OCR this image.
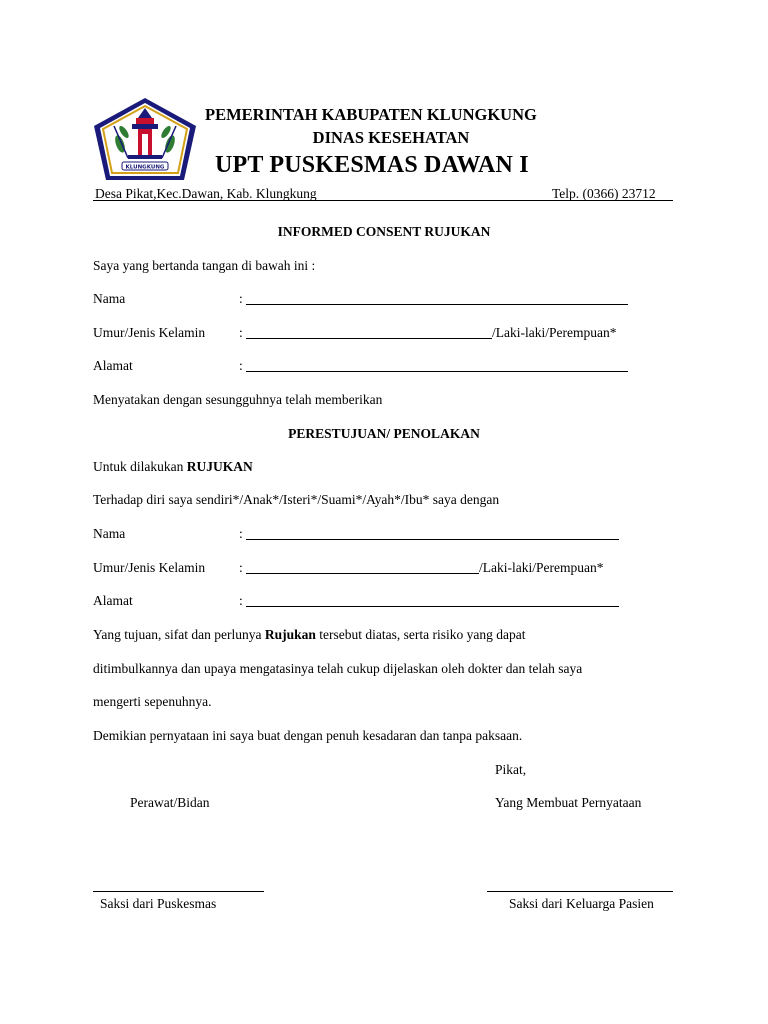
KLUNGKUNG
PEMERINTAH KABUPATEN KLUNGKUNG
DINAS KESEHATAN
UPT PUSKESMAS DAWAN I
Desa Pikat,Kec.Dawan, Kab. Klungkung	Telp. (0366) 23712
INFORMED CONSENT RUJUKAN
Saya yang bertanda tangan di bawah ini :
Nama	:
Umur/Jenis Kelamin	:	/Laki-laki/Perempuan*
Alamat	:
Menyatakan dengan sesungguhnya telah memberikan
PERESTUJUAN/ PENOLAKAN
Untuk dilakukan RUJUKAN
Terhadap diri saya sendiri*/Anak*/Isteri*/Suami*/Ayah*/Ibu* saya dengan
Nama	:
Umur/Jenis Kelamin	:	/Laki-laki/Perempuan*
Alamat	:
Yang tujuan, sifat dan perlunya Rujukan tersebut diatas, serta risiko yang dapat
ditimbulkannya dan upaya mengatasinya telah cukup dijelaskan oleh dokter dan telah saya
mengerti sepenuhnya.
Demikian pernyataan ini saya buat dengan penuh kesadaran dan tanpa paksaan.
Pikat,
Perawat/Bidan	Yang Membuat Pernyataan
Saksi dari Puskesmas	Saksi dari Keluarga Pasien
